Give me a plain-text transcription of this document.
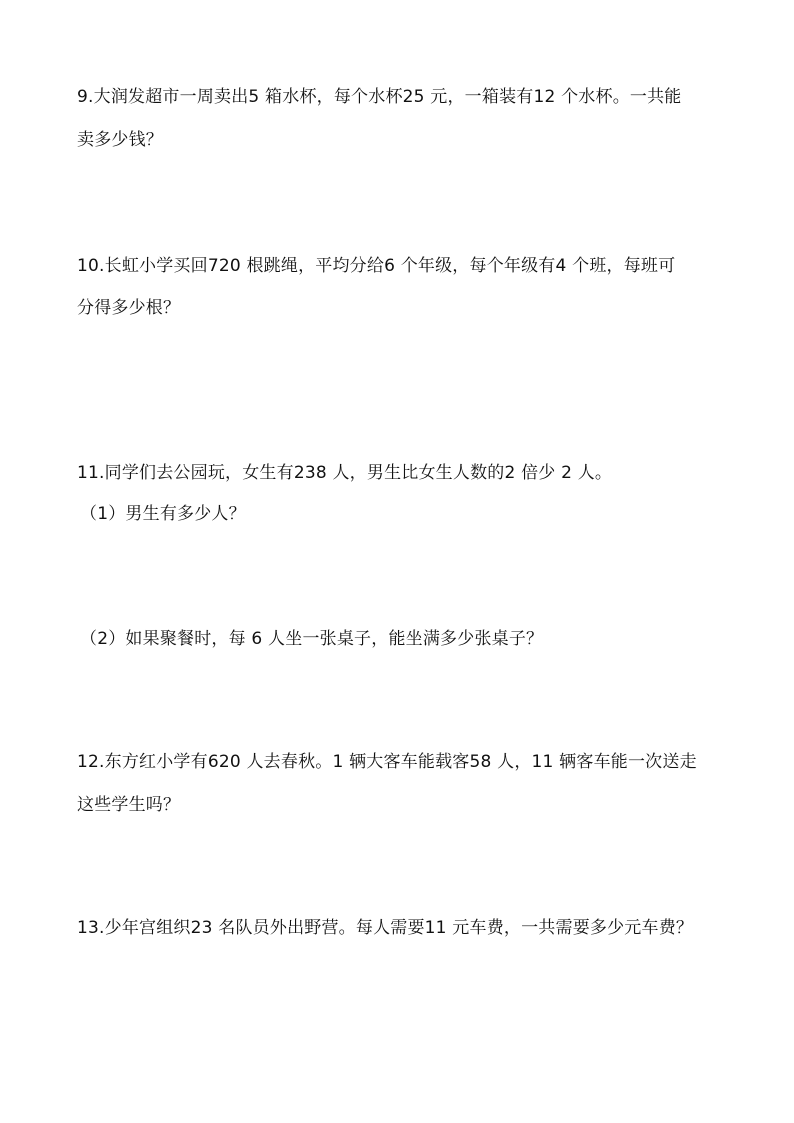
9.大润发超市一周卖出5 箱水杯，每个水杯25 元，一箱装有12 个水杯。一共能
卖多少钱？
10.长虹小学买回720 根跳绳，平均分给6 个年级，每个年级有4 个班，每班可
分得多少根？
11.同学们去公园玩，女生有238 人，男生比女生人数的2 倍少 2 人。
（1）男生有多少人？
（2）如果聚餐时，每 6 人坐一张桌子，能坐满多少张桌子？
12.东方红小学有620 人去春秋。1 辆大客车能载客58 人，11 辆客车能一次送走
这些学生吗？
13.少年宫组织23 名队员外出野营。每人需要11 元车费，一共需要多少元车费？
